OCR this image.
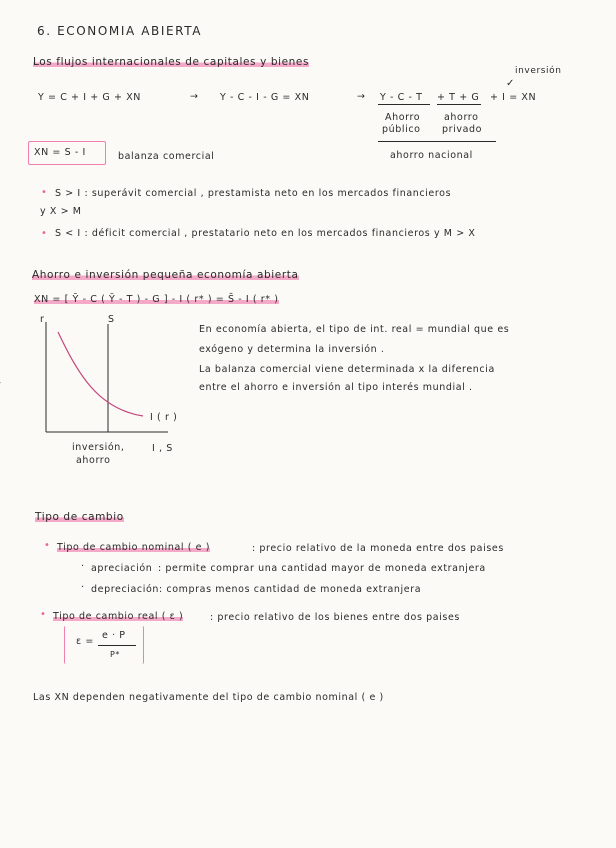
6. ECONOMIA ABIERTA
Los flujos internacionales de capitales y bienes
inversión
✓
Y = C + I + G + XN	→ Y - C - I - G = XN	→ Y - C - T + T + G + I = XN
Ahorro
público
ahorro
privado
ahorro nacional
XN = S - I	balanza comercial
• S > I : superávit comercial , prestamista neto en los mercados financieros
y X > M
• S < I : déficit comercial , prestatario neto en los mercados financieros y M > X
Ahorro e inversión pequeña economía abierta
XN = [ Ȳ - C ( Ȳ - T ) - G ] - I ( r* ) = S̄ - I ( r* )
r	S
I ( r )
inversión,
ahorro
I , S
En economía abierta, el tipo de int. real = mundial que es
exógeno y determina la inversión .
La balanza comercial viene determinada x la diferencia
entre el ahorro e inversión al tipo interés mundial .
Tipo de cambio
• Tipo de cambio nominal ( e )	: precio relativo de la moneda entre dos paises
· apreciación : permite comprar una cantidad mayor de moneda extranjera
· depreciación : compras menos cantidad de moneda extranjera
• Tipo de cambio real ( ε )	: precio relativo de los bienes entre dos paises
ε =
e · P
P*
Las XN dependen negativamente del tipo de cambio nominal ( e )
